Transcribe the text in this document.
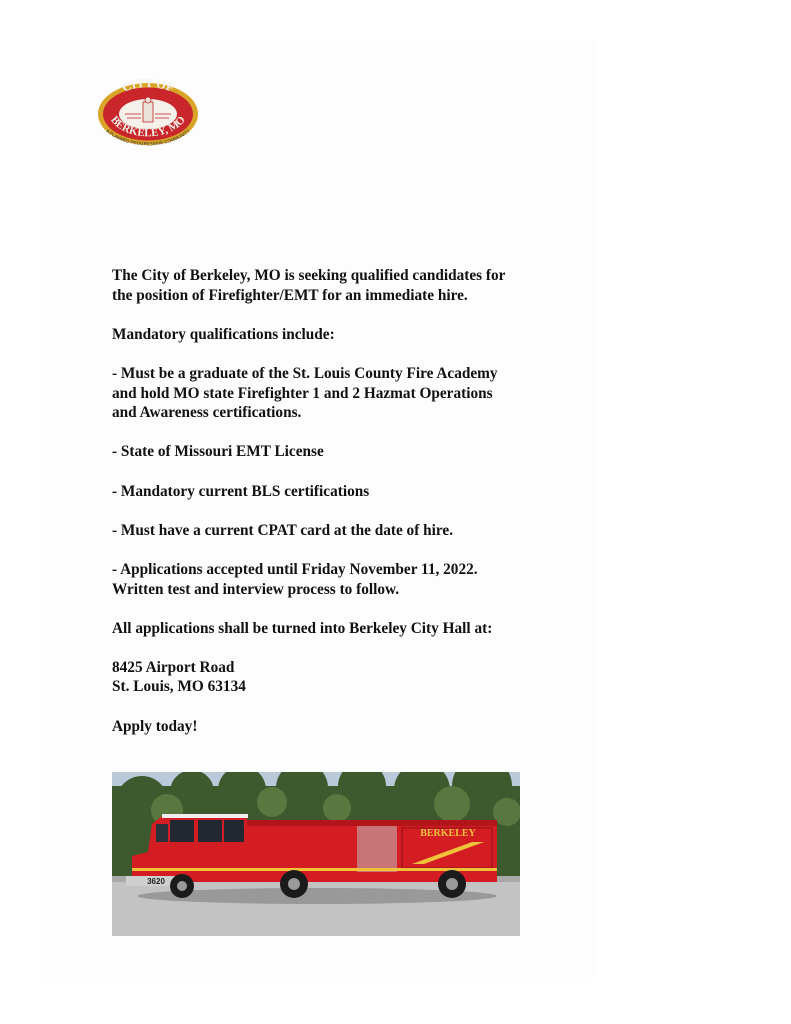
CITY OF
BERKELEY, MO
A PLANNED PROGRESSIVE COMMUNITY

The City of Berkeley, MO is seeking qualified candidates for

the position of Firefighter/EMT for an immediate hire.

Mandatory qualifications include:

- Must be a graduate of the St. Louis County Fire Academy

and hold MO state Firefighter 1 and 2 Hazmat Operations

and Awareness certifications.

- State of Missouri EMT License

- Mandatory current BLS certifications

- Must have a current CPAT card at the date of hire.

- Applications accepted until Friday November 11, 2022.

Written test and interview process to follow.

All applications shall be turned into Berkeley City Hall at:

8425 Airport Road

St. Louis, MO 63134

Apply today!

BERKELEY
3620
